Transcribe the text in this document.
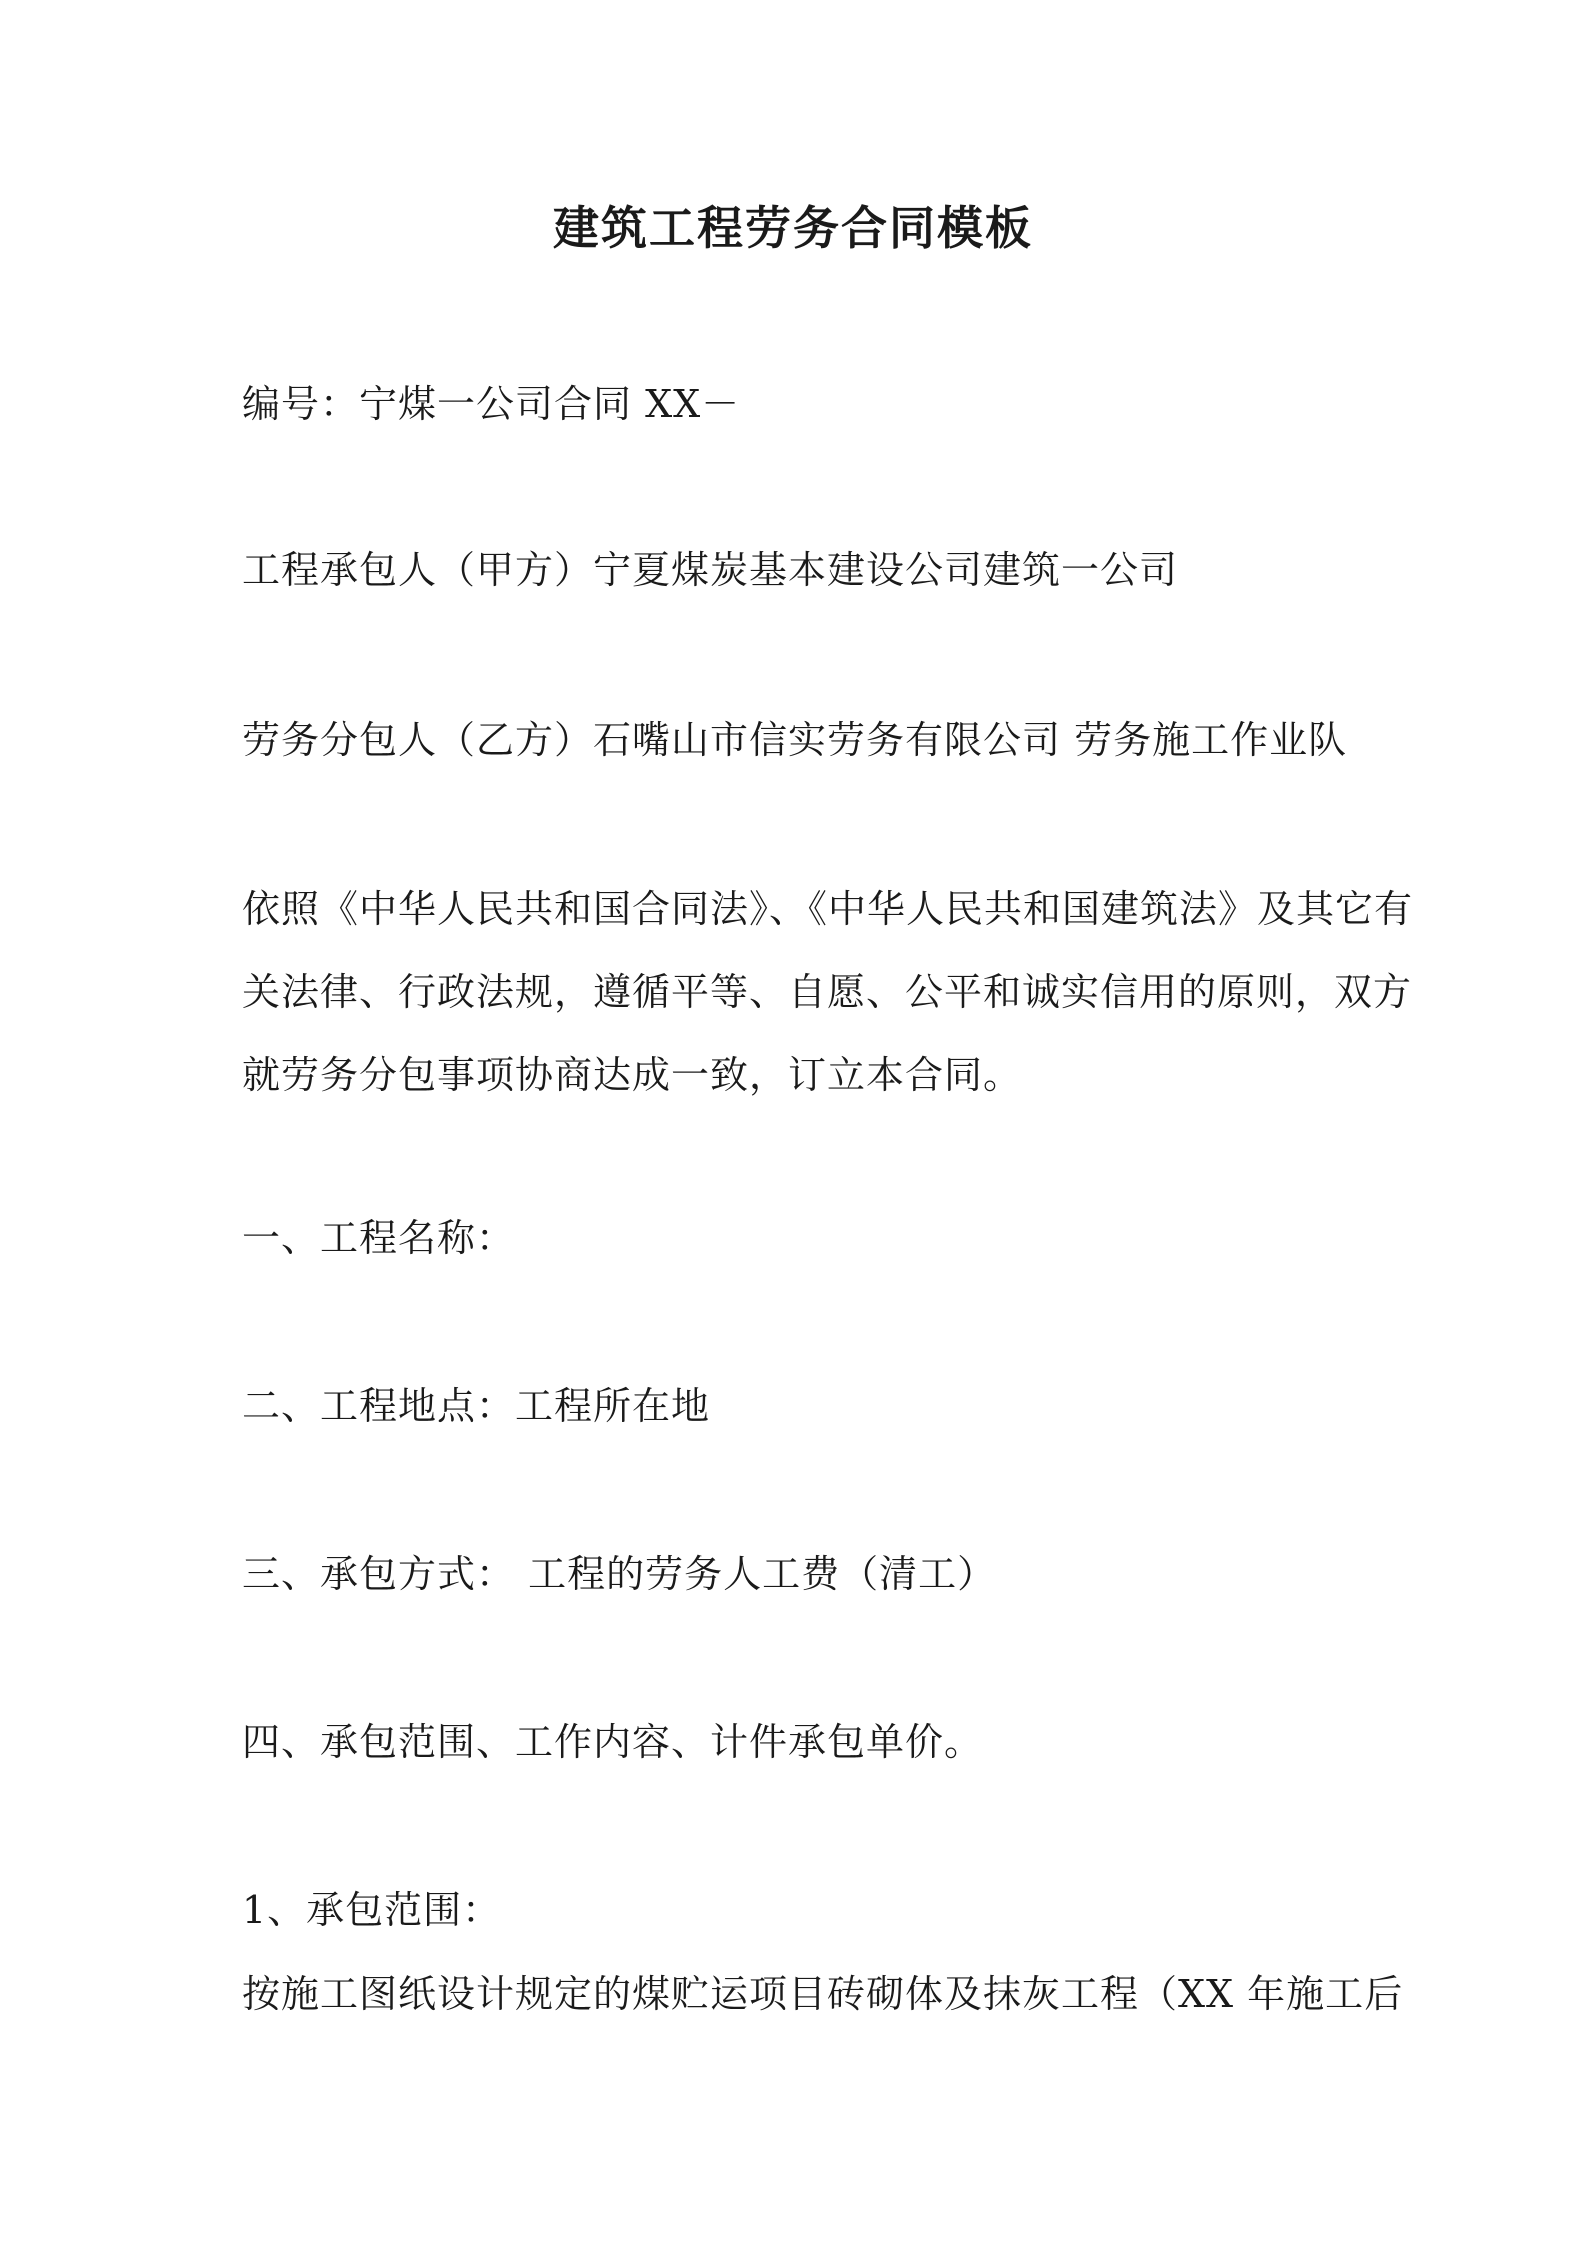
建筑工程劳务合同模板
编号：宁煤一公司合同 XX－
工程承包人（甲方）宁夏煤炭基本建设公司建筑一公司
劳务分包人（乙方）石嘴山市信实劳务有限公司 劳务施工作业队
依照《中华人民共和国合同法》、《中华人民共和国建筑法》及其它有
关法律、行政法规，遵循平等、自愿、公平和诚实信用的原则，双方
就劳务分包事项协商达成一致，订立本合同。
一、工程名称：
二、工程地点：工程所在地
三、承包方式： 工程的劳务人工费（清工）
四、承包范围、工作内容、计件承包单价。
1、承包范围：
按施工图纸设计规定的煤贮运项目砖砌体及抹灰工程（XX 年施工后
